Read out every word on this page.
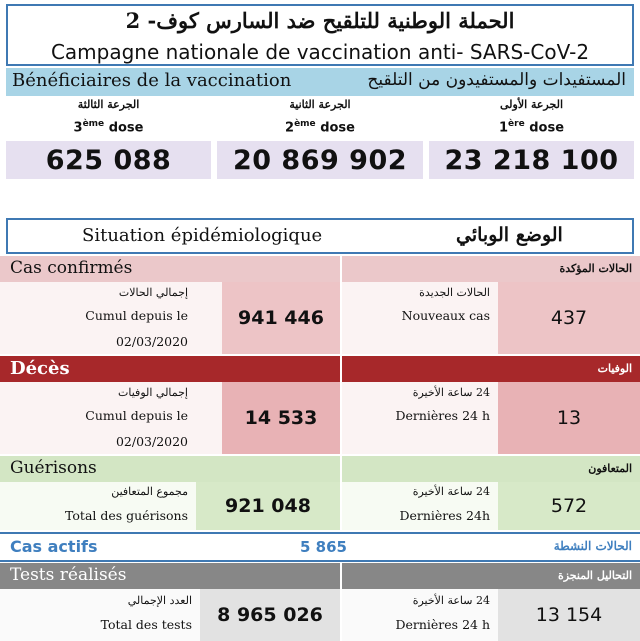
الحملة الوطنية للتلقيح ضد السارس كوف- 2
Campagne nationale de vaccination anti- SARS-CoV-2
Bénéficiaires de la vaccination	المستفيدات والمستفيدون من التلقيح
الجرعة الثالثة
3ème dose
625 088
الجرعة الثانية
2ème dose
20 869 902
الجرعة الأولى
1ère dose
23 218 100
Situation épidémiologique	الوضع الوبائي
Cas confirmés	الحالات المؤكدة
إجمالي الحالات
Cumul depuis le
02/03/2020
941 446
الحالات الجديدة
Nouveaux cas	437
Décès	الوفيات
إجمالي الوفيات
Cumul depuis le
02/03/2020
14 533
24 ساعة الأخيرة
Dernières 24 h	13
Guérisons	المتعافون
مجموع المتعافين
Total des guérisons	921 048
24 ساعة الأخيرة
Dernières 24h	572
Cas actifs	5 865	الحالات النشطة
Tests réalisés	التحاليل المنجزة
العدد الإجمالي
Total des tests	8 965 026
24 ساعة الأخيرة
Dernières 24 h	13 154
